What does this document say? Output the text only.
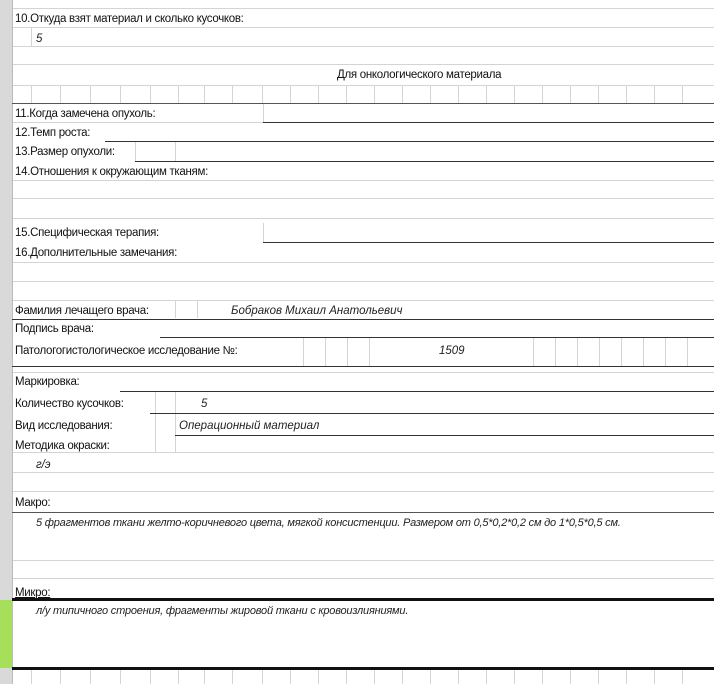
10.Откуда взят материал и сколько кусочков:
5
Для онкологического материала
11.Когда замечена опухоль:
12.Темп роста:
13.Размер опухоли:
14.Отношения к окружающим тканям:
15.Специфическая терапия:
16.Дополнительные замечания:
Фамилия лечащего врача:	Бобраков Михаил Анатольевич
Подпись врача:
Патологогистологическое исследование №:	1509
Маркировка:
Количество кусочков:	5
Вид исследования:	Операционный материал
Методика окраски:
г/э
Макро:
5 фрагментов ткани желто-коричневого цвета, мягкой консистенции. Размером от 0,5*0,2*0,2 см до 1*0,5*0,5 см.
Микро:
л/у типичного строения, фрагменты жировой ткани с кровоизлияниями.
